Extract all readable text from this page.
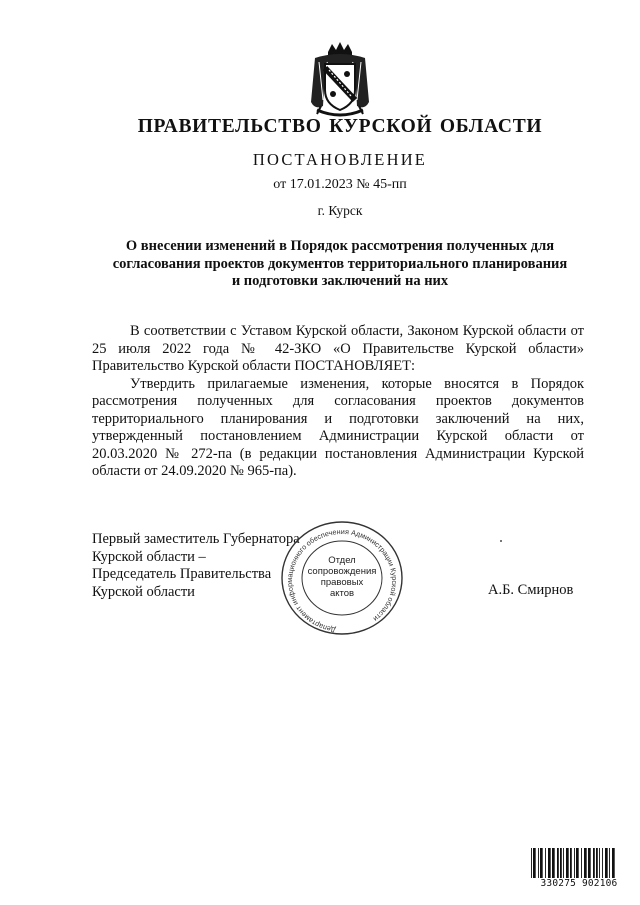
ПРАВИТЕЛЬСТВО КУРСКОЙ ОБЛАСТИ
ПОСТАНОВЛЕНИЕ
от 17.01.2023 № 45-пп
г. Курск
О внесении изменений в Порядок рассмотрения полученных для
согласования проектов документов территориального планирования
и подготовки заключений на них

В соответствии с Уставом Курской области, Законом Курской области от 25 июля 2022 года № 42-ЗКО «О Правительстве Курской области» Правительство Курской области ПОСТАНОВЛЯЕТ:

Утвердить прилагаемые изменения, которые вносятся в Порядок рассмотрения полученных для согласования проектов документов территориального планирования и подготовки заключений на них, утвержденный постановлением Администрации Курской области от 20.03.2020 № 272-па (в редакции постановления Администрации Курской области от 24.09.2020 № 965-па).

Первый заместитель Губернатора
Курской области –
Председатель Правительства
Курской области	А.Б. Смирнов
Департамент информационного обеспечения Администрации Курской области
Отдел
сопровождения
правовых
актов
330275 902106
